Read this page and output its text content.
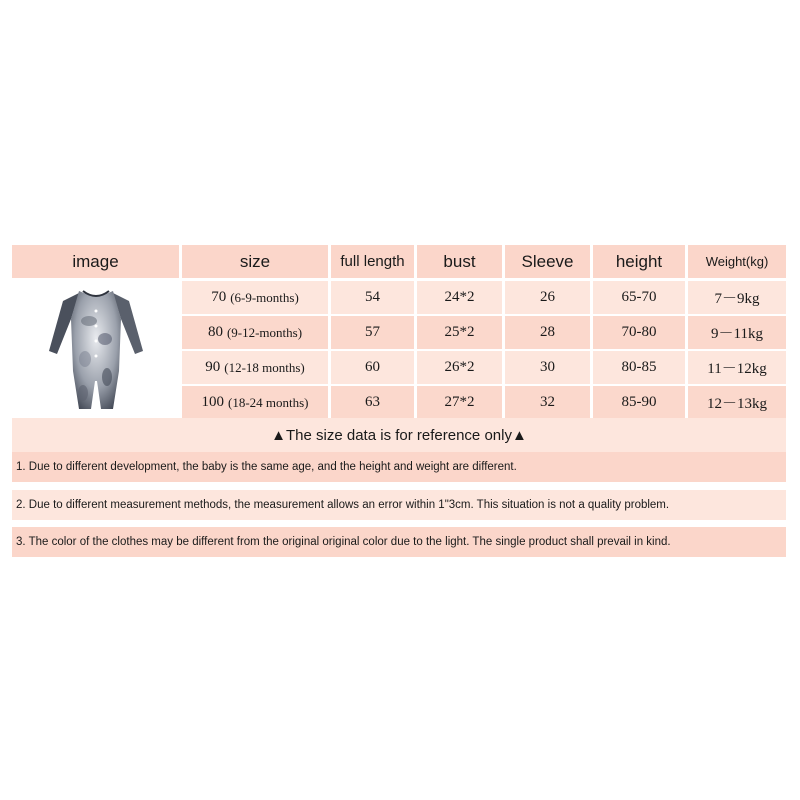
image	size	full length	bust	Sleeve	height	Weight(kg)
70 (6-9-months)	54	24*2	26	65-70	7－9kg
80 (9-12-months)	57	25*2	28	70-80	9－11kg
90 (12-18 months)	60	26*2	30	80-85	11－12kg
100 (18-24 months)	63	27*2	32	85-90	12－13kg
▲The size data is for reference only▲
1. Due to different development, the baby is the same age, and the height and weight are different.
2. Due to different measurement methods, the measurement allows an error within 1"3cm. This situation is not a quality problem.
3. The color of the clothes may be different from the original original color due to the light. The single product shall prevail in kind.
